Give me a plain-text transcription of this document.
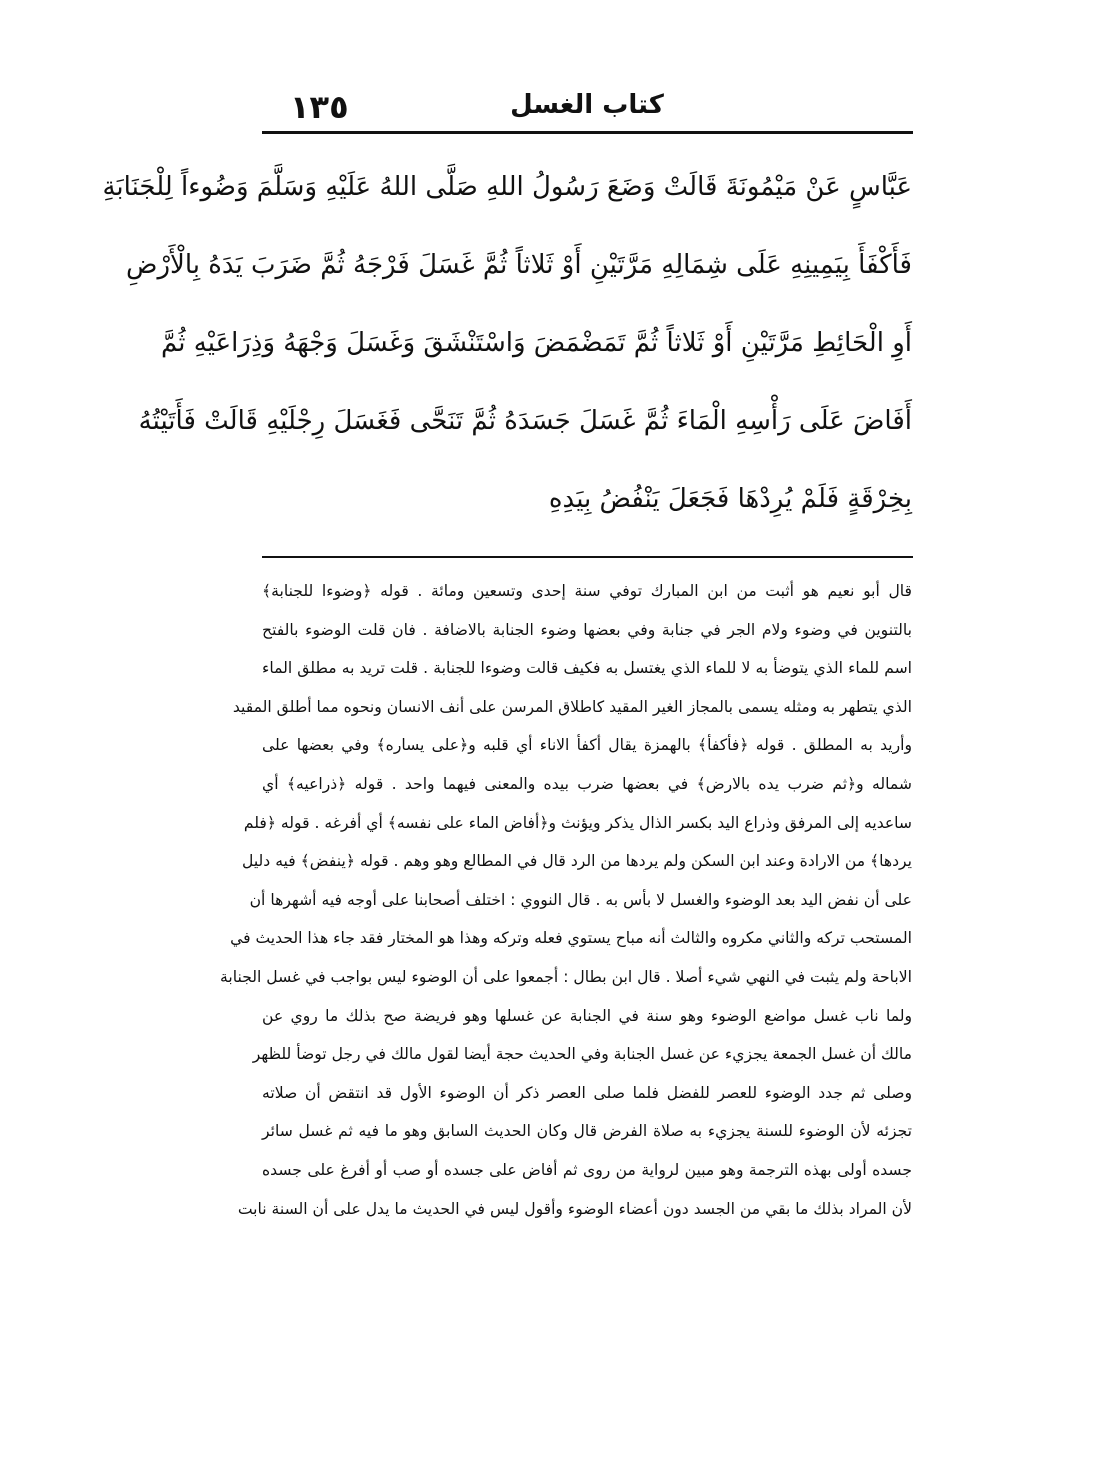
١٣٥	كتاب الغسل
عَبَّاسٍ عَنْ مَيْمُونَةَ قَالَتْ وَضَعَ رَسُولُ اللهِ صَلَّى اللهُ عَلَيْهِ وَسَلَّمَ وَضُوءاً لِلْجَنَابَةِ
فَأَكْفَأَ بِيَمِينِهِ عَلَى شِمَالِهِ مَرَّتَيْنِ أَوْ ثَلاثاً ثُمَّ غَسَلَ فَرْجَهُ ثُمَّ ضَرَبَ يَدَهُ بِالْأَرْضِ
أَوِ الْحَائِطِ مَرَّتَيْنِ أَوْ ثَلاثاً ثُمَّ تَمَضْمَضَ وَاسْتَنْشَقَ وَغَسَلَ وَجْهَهُ وَذِرَاعَيْهِ ثُمَّ
أَفَاضَ عَلَى رَأْسِهِ الْمَاءَ ثُمَّ غَسَلَ جَسَدَهُ ثُمَّ تَنَحَّى فَغَسَلَ رِجْلَيْهِ قَالَتْ فَأَتَيْتُهُ
بِخِرْقَةٍ فَلَمْ يُرِدْهَا فَجَعَلَ يَنْفُضُ بِيَدِهِ
قال أبو نعيم هو أثبت من ابن المبارك توفي سنة إحدى وتسعين ومائة . قوله ﴿وضوءا للجنابة﴾
بالتنوين في وضوء ولام الجر في جنابة وفي بعضها وضوء الجنابة بالاضافة . فان قلت الوضوء بالفتح
اسم للماء الذي يتوضأ به لا للماء الذي يغتسل به فكيف قالت وضوءا للجنابة . قلت تريد به مطلق الماء
الذي يتطهر به ومثله يسمى بالمجاز الغير المقيد كاطلاق المرسن على أنف الانسان ونحوه مما أطلق المقيد
وأريد به المطلق . قوله ﴿فأكفأ﴾ بالهمزة يقال أكفأ الاناء أي قلبه و﴿على يساره﴾ وفي بعضها على
شماله و﴿ثم ضرب يده بالارض﴾ في بعضها ضرب بيده والمعنى فيهما واحد . قوله ﴿ذراعيه﴾ أي
ساعديه إلى المرفق وذراع اليد بكسر الذال يذكر ويؤنث و﴿أفاض الماء على نفسه﴾ أي أفرغه . قوله ﴿فلم
يردها﴾ من الارادة وعند ابن السكن ولم يردها من الرد قال في المطالع وهو وهم . قوله ﴿ينفض﴾ فيه دليل
على أن نفض اليد بعد الوضوء والغسل لا بأس به . قال النووي : اختلف أصحابنا على أوجه فيه أشهرها أن
المستحب تركه والثاني مكروه والثالث أنه مباح يستوي فعله وتركه وهذا هو المختار فقد جاء هذا الحديث في
الاباحة ولم يثبت في النهي شيء أصلا . قال ابن بطال : أجمعوا على أن الوضوء ليس بواجب في غسل الجنابة
ولما ناب غسل مواضع الوضوء وهو سنة في الجنابة عن غسلها وهو فريضة صح بذلك ما روي عن
مالك أن غسل الجمعة يجزيء عن غسل الجنابة وفي الحديث حجة أيضا لقول مالك في رجل توضأ للظهر
وصلى ثم جدد الوضوء للعصر للفضل فلما صلى العصر ذكر أن الوضوء الأول قد انتقض أن صلاته
تجزئه لأن الوضوء للسنة يجزيء به صلاة الفرض قال وكان الحديث السابق وهو ما فيه ثم غسل سائر
جسده أولى بهذه الترجمة وهو مبين لرواية من روى ثم أفاض على جسده أو صب أو أفرغ على جسده
لأن المراد بذلك ما بقي من الجسد دون أعضاء الوضوء وأقول ليس في الحديث ما يدل على أن السنة نابت
